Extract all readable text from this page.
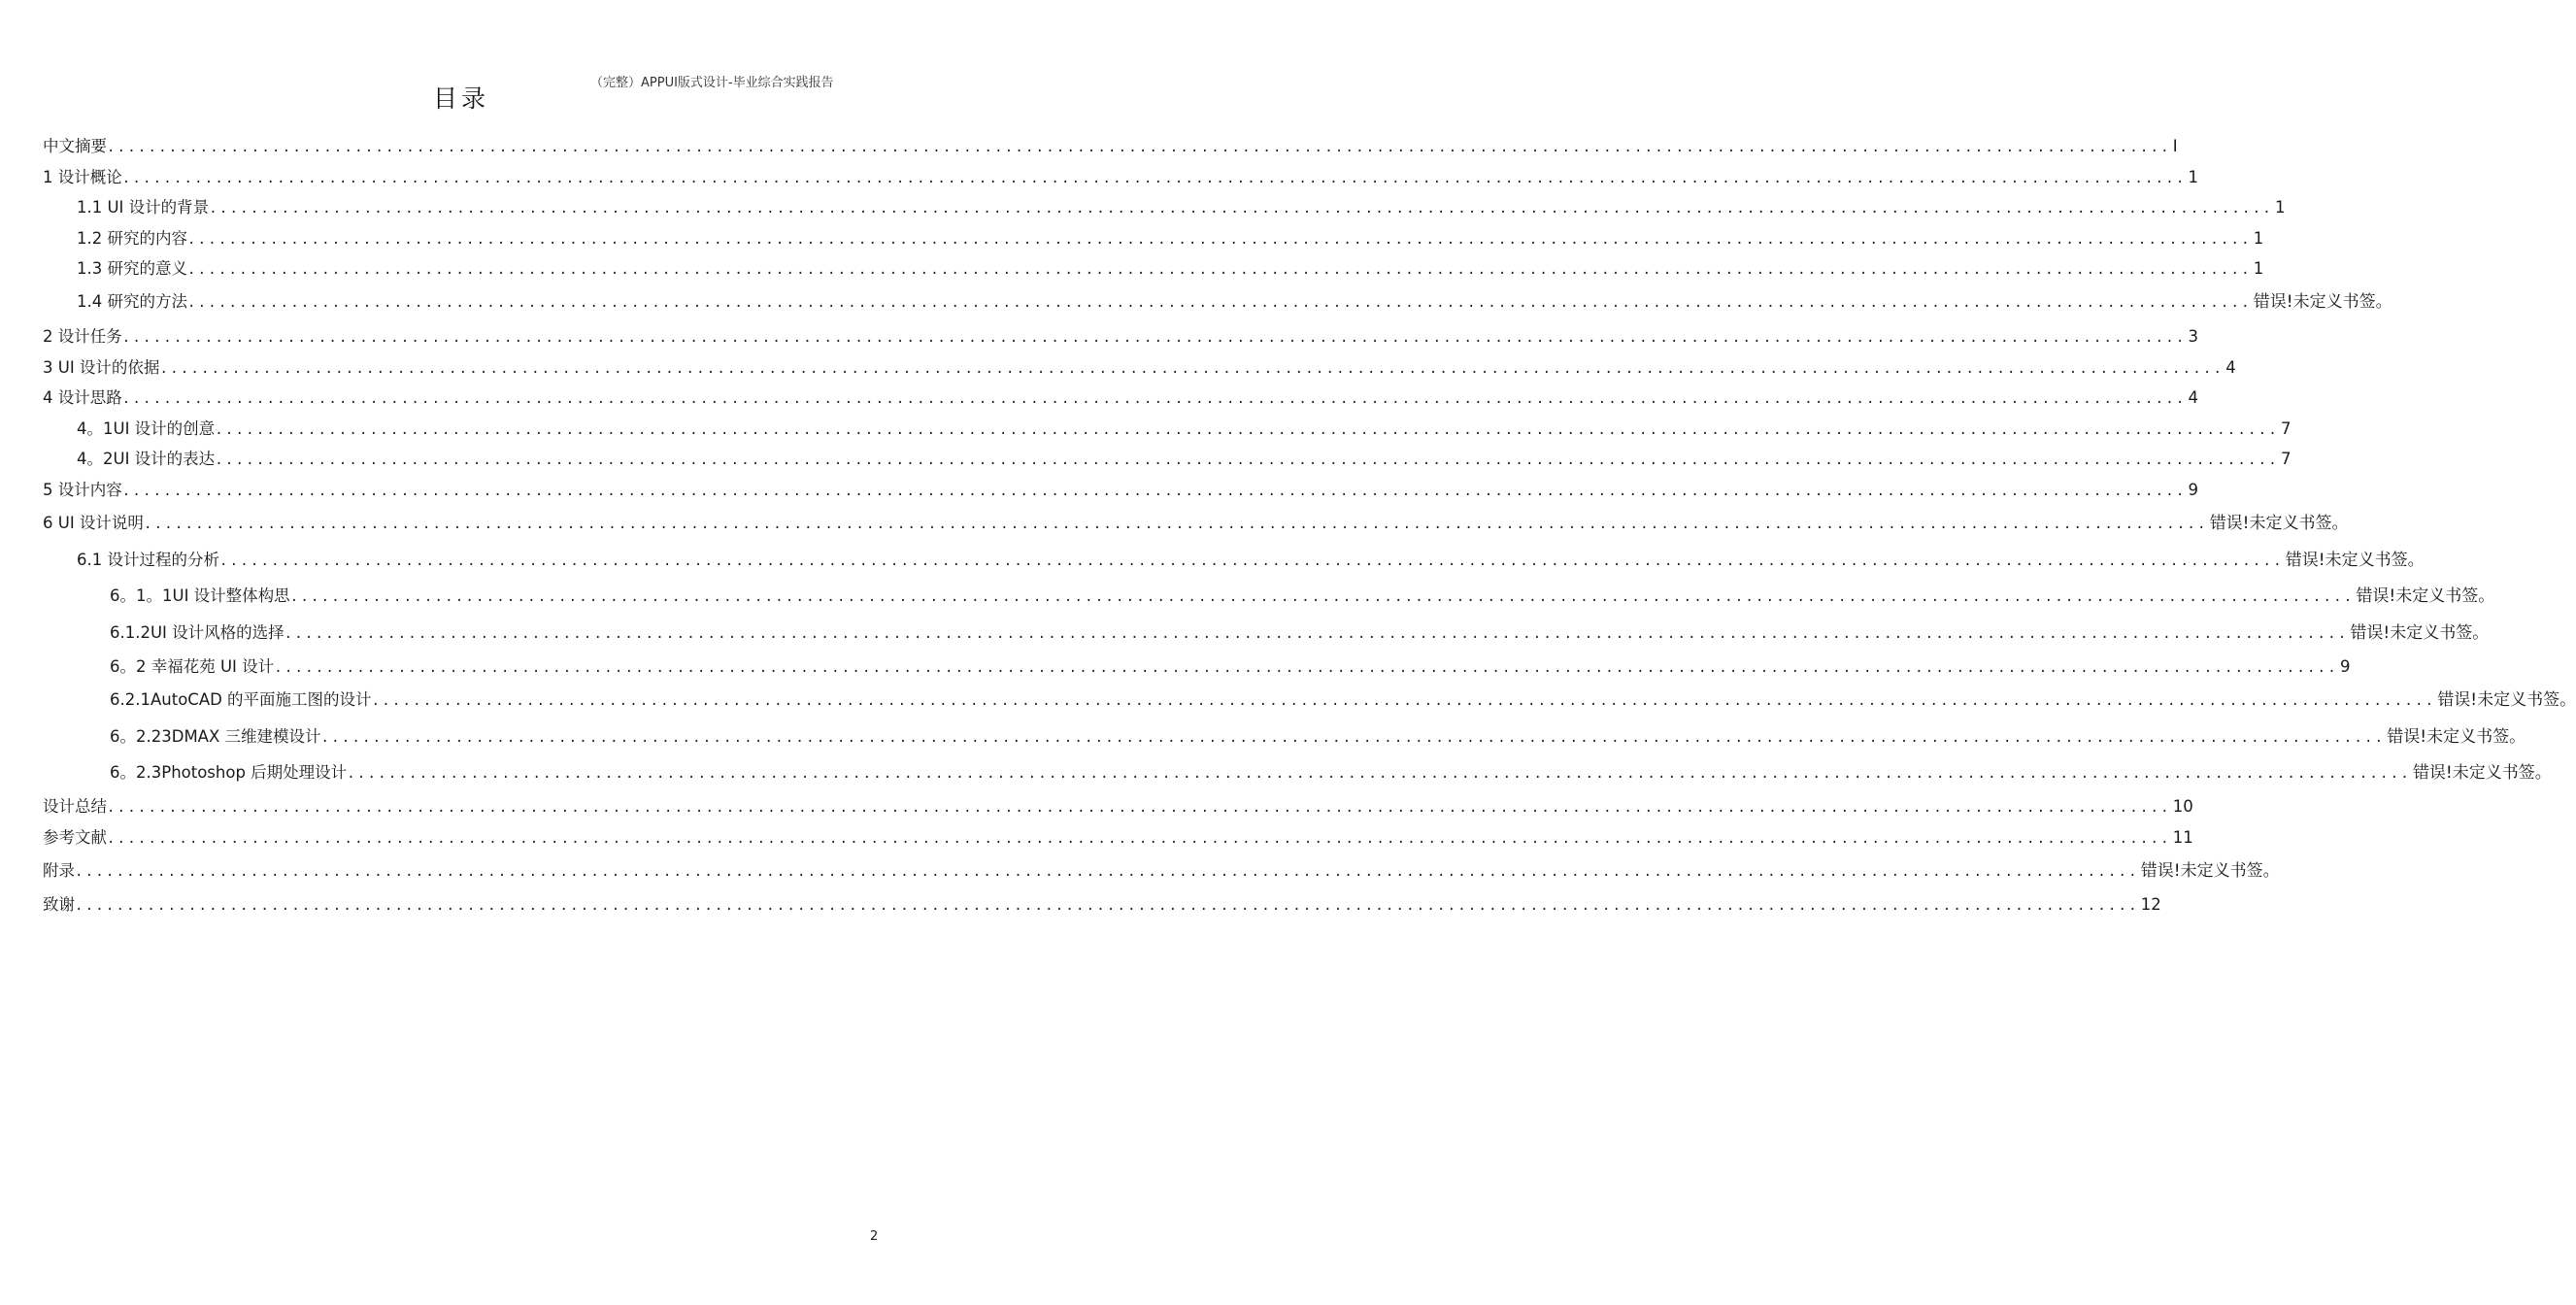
（完整）APPUI版式设计-毕业综合实践报告
目录
中文摘要 ........................................................................................................................................................................................................ I
1 设计概论 ........................................................................................................................................................................................................ 1
1.1 UI 设计的背景 ........................................................................................................................................................................................................ 1
1.2 研究的内容 ........................................................................................................................................................................................................ 1
1.3 研究的意义 ........................................................................................................................................................................................................ 1
1.4 研究的方法 ........................................................................................................................................................................................................ 错误!未定义书签。
2 设计任务 ........................................................................................................................................................................................................ 3
3 UI 设计的依据 ........................................................................................................................................................................................................ 4
4 设计思路 ........................................................................................................................................................................................................ 4
4。1UI 设计的创意 ........................................................................................................................................................................................................ 7
4。2UI 设计的表达 ........................................................................................................................................................................................................ 7
5 设计内容 ........................................................................................................................................................................................................ 9
6 UI 设计说明 ........................................................................................................................................................................................................ 错误!未定义书签。
6.1 设计过程的分析 ........................................................................................................................................................................................................ 错误!未定义书签。
6。1。1UI 设计整体构思 ........................................................................................................................................................................................................ 错误!未定义书签。
6.1.2UI 设计风格的选择 ........................................................................................................................................................................................................ 错误!未定义书签。
6。2 幸福花苑 UI 设计 ........................................................................................................................................................................................................ 9
6.2.1AutoCAD 的平面施工图的设计 ........................................................................................................................................................................................................ 错误!未定义书签。
6。2.23DMAX 三维建模设计 ........................................................................................................................................................................................................ 错误!未定义书签。
6。2.3Photoshop 后期处理设计 ........................................................................................................................................................................................................ 错误!未定义书签。
设计总结 ........................................................................................................................................................................................................ 10
参考文献 ........................................................................................................................................................................................................ 11
附录 ........................................................................................................................................................................................................ 错误!未定义书签。
致谢 ........................................................................................................................................................................................................ 12
2
